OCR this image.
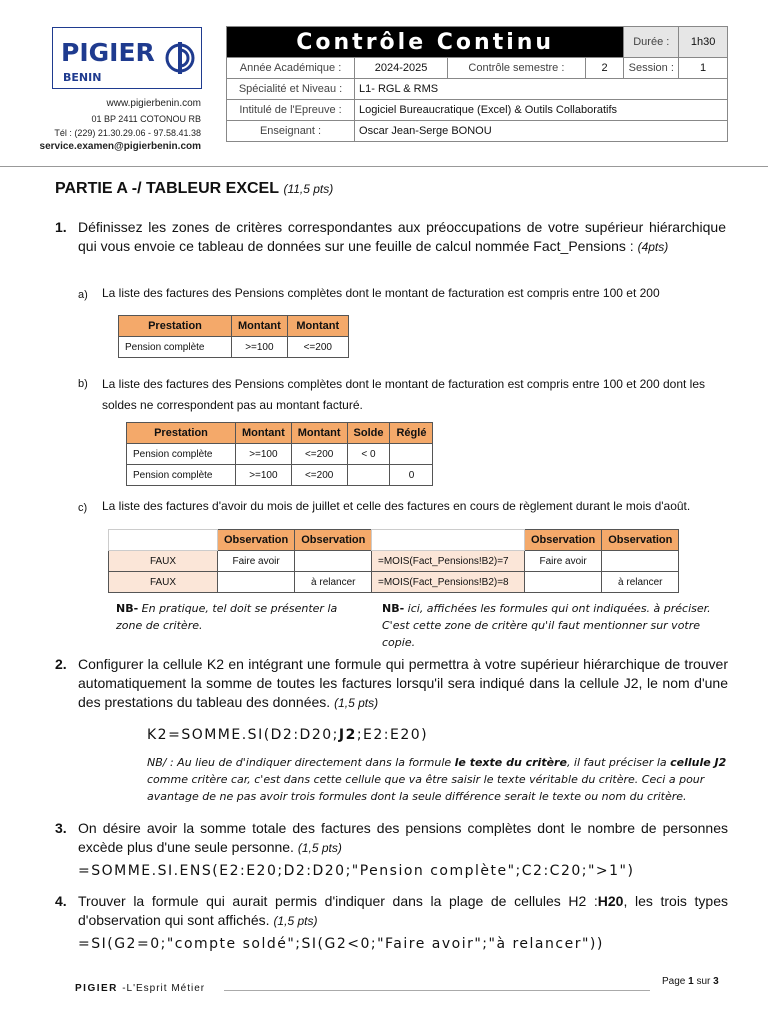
PIGIER
BENIN
www.pigierbenin.com
01 BP 2411 COTONOU RB
Tél : (229) 21.30.29.06 - 97.58.41.38
service.examen@pigierbenin.com
Contrôle Continu				Durée :	1h30
Année Académique :	2024-2025	Contrôle semestre :	2	Session :	1
Spécialité et Niveau :	L1- RGL & RMS				
Intitulé de l'Epreuve :	Logiciel Bureaucratique (Excel) & Outils Collaboratifs				
Enseignant :	Oscar Jean-Serge BONOU				
PARTIE A -/ TABLEUR EXCEL (11,5 pts)
1. Définissez les zones de critères correspondantes aux préoccupations de votre supérieur hiérarchique qui vous envoie ce tableau de données sur une feuille de calcul nommée Fact_Pensions : (4pts)
a) La liste des factures des Pensions complètes dont le montant de facturation est compris entre 100 et 200
Prestation	Montant	Montant
Pension complète	>=100	<=200
b) La liste des factures des Pensions complètes dont le montant de facturation est compris entre 100 et 200 dont les soldes ne correspondent pas au montant facturé.
Prestation	Montant	Montant	Solde	Réglé
Pension complète	>=100	<=200	< 0	
Pension complète	>=100	<=200		0
c) La liste des factures d'avoir du mois de juillet et celle des factures en cours de règlement durant le mois d'août.
	Observation	Observation
FAUX	Faire avoir	
FAUX		à relancer
	Observation	Observation
=MOIS(Fact_Pensions!B2)=7	Faire avoir	
=MOIS(Fact_Pensions!B2)=8		à relancer
NB- En pratique, tel doit se présenter la zone de critère.
NB- ici, affichées les formules qui ont indiquées. à préciser. C'est cette zone de critère qu'il faut mentionner sur votre copie.
2. Configurer la cellule K2 en intégrant une formule qui permettra à votre supérieur hiérarchique de trouver automatiquement la somme de toutes les factures lorsqu'il sera indiqué dans la cellule J2, le nom d'une des prestations du tableau des données. (1,5 pts)
K2=SOMME.SI(D2:D20;J2;E2:E20)
NB/ : Au lieu de d'indiquer directement dans la formule le texte du critère, il faut préciser la cellule J2 comme critère car, c'est dans cette cellule que va être saisir le texte véritable du critère. Ceci a pour avantage de ne pas avoir trois formules dont la seule différence serait le texte ou nom du critère.
3. On désire avoir la somme totale des factures des pensions complètes dont le nombre de personnes excède plus d'une seule personne. (1,5 pts)
=SOMME.SI.ENS(E2:E20;D2:D20;"Pension complète";C2:C20;">1")
4. Trouver la formule qui aurait permis d'indiquer dans la plage de cellules H2 :H20, les trois types d'observation qui sont affichés. (1,5 pts)
=SI(G2=0;"compte soldé";SI(G2<0;"Faire avoir";"à relancer"))
PIGIER -L'Esprit Métier
Page 1 sur 3
